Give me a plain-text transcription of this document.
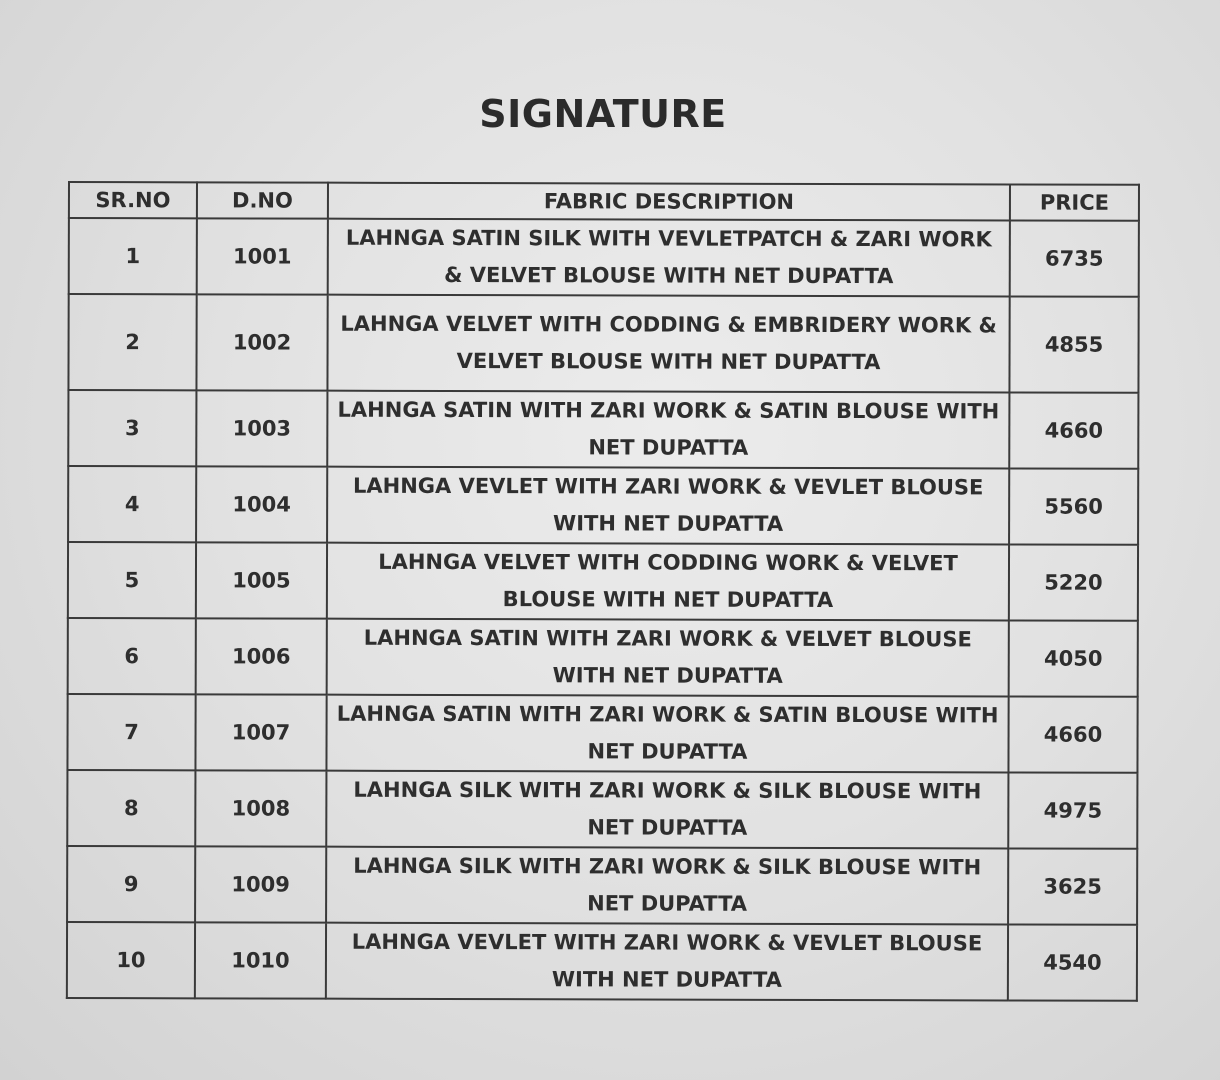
SIGNATURE
SR.NO	D.NO	FABRIC DESCRIPTION	PRICE
1	1001	LAHNGA SATIN SILK WITH VEVLETPATCH & ZARI WORK & VELVET BLOUSE WITH NET DUPATTA	6735
2	1002	LAHNGA VELVET WITH CODDING & EMBRIDERY WORK & VELVET BLOUSE WITH NET DUPATTA	4855
3	1003	LAHNGA SATIN WITH ZARI WORK & SATIN BLOUSE WITH NET DUPATTA	4660
4	1004	LAHNGA VEVLET WITH ZARI WORK & VEVLET BLOUSE WITH NET DUPATTA	5560
5	1005	LAHNGA VELVET WITH CODDING WORK & VELVET BLOUSE WITH NET DUPATTA	5220
6	1006	LAHNGA SATIN WITH ZARI WORK & VELVET BLOUSE WITH NET DUPATTA	4050
7	1007	LAHNGA SATIN WITH ZARI WORK & SATIN BLOUSE WITH NET DUPATTA	4660
8	1008	LAHNGA SILK WITH ZARI WORK & SILK BLOUSE WITH NET DUPATTA	4975
9	1009	LAHNGA SILK WITH ZARI WORK & SILK BLOUSE WITH NET DUPATTA	3625
10	1010	LAHNGA VEVLET WITH ZARI WORK & VEVLET BLOUSE WITH NET DUPATTA	4540
